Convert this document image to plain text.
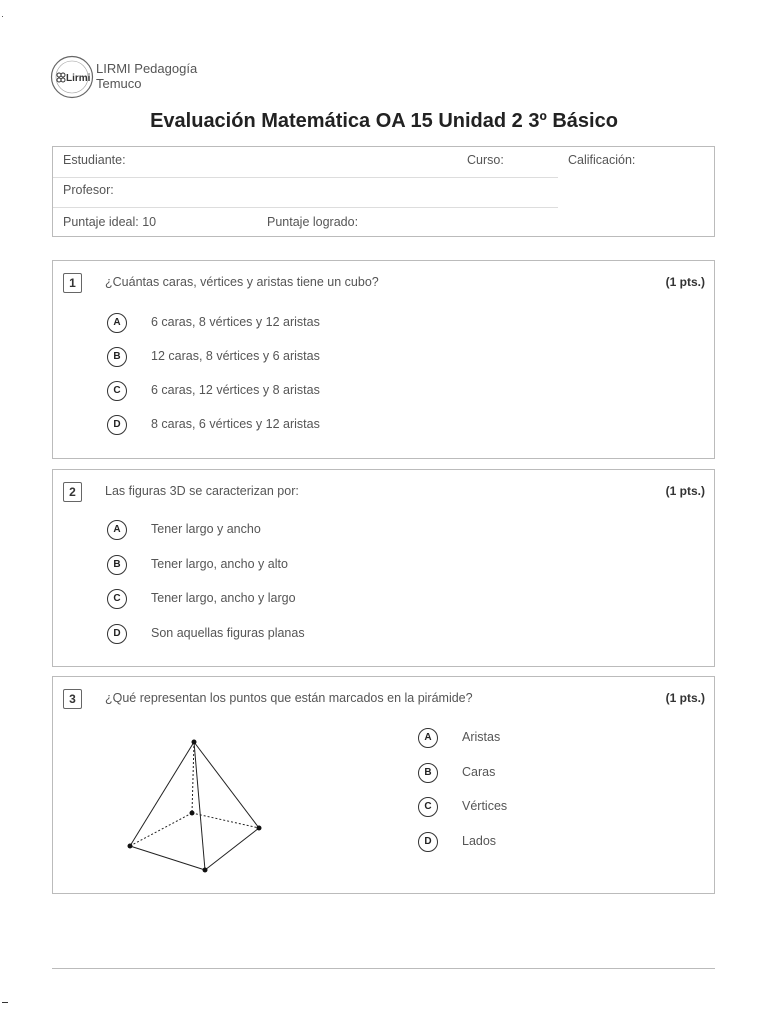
Lirmi
LIRMI Pedagogía
Temuco
Evaluación Matemática OA 15 Unidad 2 3º Básico
Estudiante:	Curso:	Calificación:
Profesor:
Puntaje ideal: 10	Puntaje logrado:
1	¿Cuántas caras, vértices y aristas tiene un cubo?	(1 pts.)
A	6 caras, 8 vértices y 12 aristas
B	12 caras, 8 vértices y 6 aristas
C	6 caras, 12 vértices y 8 aristas
D	8 caras, 6 vértices y 12 aristas
2	Las figuras 3D se caracterizan por:	(1 pts.)
A	Tener largo y ancho
B	Tener largo, ancho y alto
C	Tener largo, ancho y largo
D	Son aquellas figuras planas
3	¿Qué representan los puntos que están marcados en la pirámide?	(1 pts.)
A	Aristas
B	Caras
C	Vértices
D	Lados
